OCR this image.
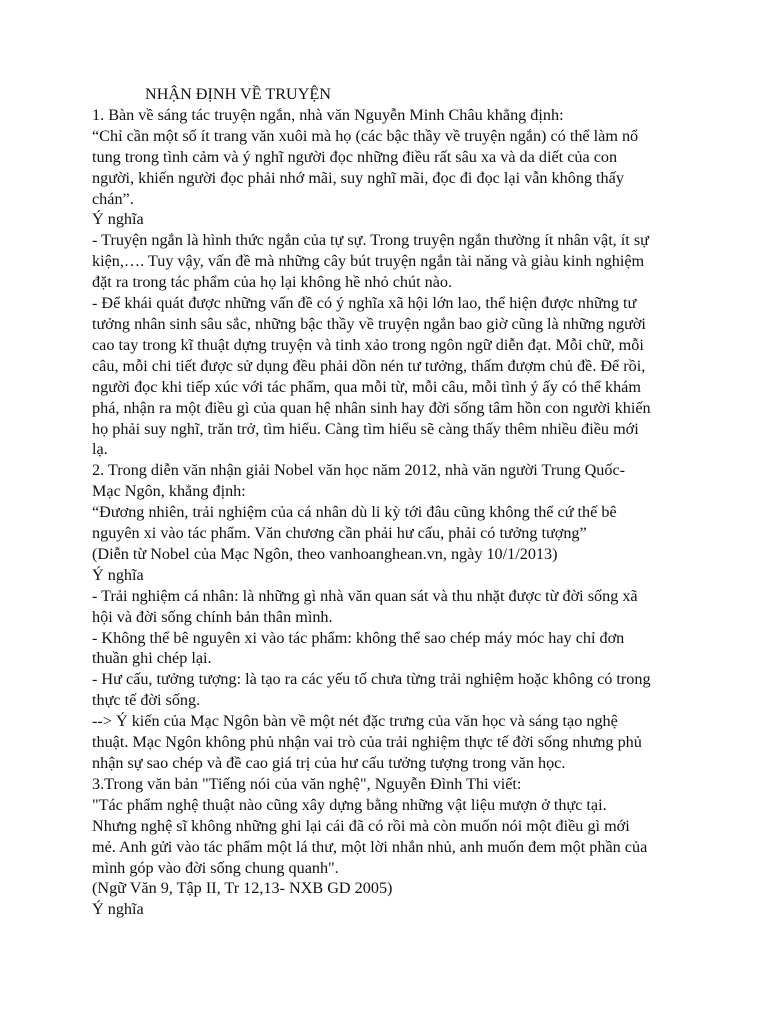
NHẬN ĐỊNH VỀ TRUYỆN
1. Bàn về sáng tác truyện ngắn, nhà văn Nguyễn Minh Châu khẳng định:
“Chỉ cần một số ít trang văn xuôi mà họ (các bậc thầy về truyện ngắn) có thể làm nổ
tung trong tình cảm và ý nghĩ người đọc những điều rất sâu xa và da diết của con
người, khiến người đọc phải nhớ mãi, suy nghĩ mãi, đọc đi đọc lại vẫn không thấy
chán”.
Ý nghĩa
- Truyện ngắn là hình thức ngắn của tự sự. Trong truyện ngắn thường ít nhân vật, ít sự
kiện,…. Tuy vậy, vấn đề mà những cây bút truyện ngắn tài năng và giàu kinh nghiệm
đặt ra trong tác phẩm của họ lại không hề nhỏ chút nào.
- Để khái quát được những vấn đề có ý nghĩa xã hội lớn lao, thể hiện được những tư
tưởng nhân sinh sâu sắc, những bậc thầy về truyện ngắn bao giờ cũng là những người
cao tay trong kĩ thuật dựng truyện và tinh xảo trong ngôn ngữ diễn đạt. Mỗi chữ, mỗi
câu, mỗi chi tiết được sử dụng đều phải dồn nén tư tưởng, thấm đượm chủ đề. Để rồi,
người đọc khi tiếp xúc với tác phẩm, qua mỗi từ, mỗi câu, mỗi tình ý ấy có thể khám
phá, nhận ra một điều gì của quan hệ nhân sinh hay đời sống tâm hồn con người khiến
họ phải suy nghĩ, trăn trở, tìm hiểu. Càng tìm hiểu sẽ càng thấy thêm nhiều điều mới
lạ.
2. Trong diễn văn nhận giải Nobel văn học năm 2012, nhà văn người Trung Quốc-
Mạc Ngôn, khẳng định:
“Đương nhiên, trải nghiệm của cá nhân dù li kỳ tới đâu cũng không thể cứ thế bê
nguyên xi vào tác phẩm. Văn chương cần phải hư cấu, phải có tưởng tượng”
(Diễn từ Nobel của Mạc Ngôn, theo vanhoanghean.vn, ngày 10/1/2013)
Ý nghĩa
- Trải nghiệm cá nhân: là những gì nhà văn quan sát và thu nhặt được từ đời sống xã
hội và đời sống chính bản thân mình.
- Không thể bê nguyên xi vào tác phẩm: không thể sao chép máy móc hay chỉ đơn
thuần ghi chép lại.
- Hư cấu, tưởng tượng: là tạo ra các yếu tố chưa từng trải nghiệm hoặc không có trong
thực tế đời sống.
--> Ý kiến của Mạc Ngôn bàn về một nét đặc trưng của văn học và sáng tạo nghệ
thuật. Mạc Ngôn không phủ nhận vai trò của trải nghiệm thực tế đời sống nhưng phủ
nhận sự sao chép và đề cao giá trị của hư cấu tưởng tượng trong văn học.
3.Trong văn bản "Tiếng nói của văn nghệ", Nguyễn Đình Thi viết:
"Tác phẩm nghệ thuật nào cũng xây dựng bằng những vật liệu mượn ở thực tại.
Nhưng nghệ sĩ không những ghi lại cái đã có rồi mà còn muốn nói một điều gì mới
mẻ. Anh gửi vào tác phẩm một lá thư, một lời nhắn nhủ, anh muốn đem một phần của
mình góp vào đời sống chung quanh".
(Ngữ Văn 9, Tập II, Tr 12,13- NXB GD 2005)
Ý nghĩa
